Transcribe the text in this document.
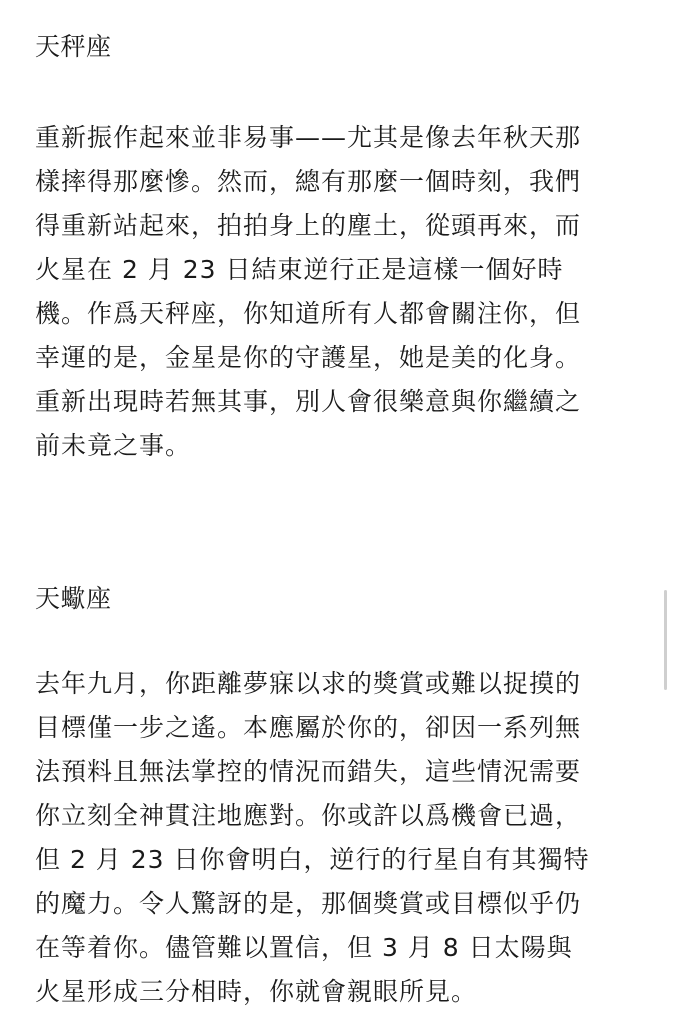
天秤座

重新振作起來並非易事——尤其是像去年秋天那
樣摔得那麼慘。然而，總有那麼一個時刻，我們
得重新站起來，拍拍身上的塵土，從頭再來，而
火星在 2 月 23 日結束逆行正是這樣一個好時
機。作爲天秤座，你知道所有人都會關注你，但
幸運的是，金星是你的守護星，她是美的化身。
重新出現時若無其事，別人會很樂意與你繼續之
前未竟之事。

天蠍座

去年九月，你距離夢寐以求的獎賞或難以捉摸的
目標僅一步之遙。本應屬於你的，卻因一系列無
法預料且無法掌控的情況而錯失，這些情況需要
你立刻全神貫注地應對。你或許以爲機會已過，
但 2 月 23 日你會明白，逆行的行星自有其獨特
的魔力。令人驚訝的是，那個獎賞或目標似乎仍
在等着你。儘管難以置信，但 3 月 8 日太陽與
火星形成三分相時，你就會親眼所見。
